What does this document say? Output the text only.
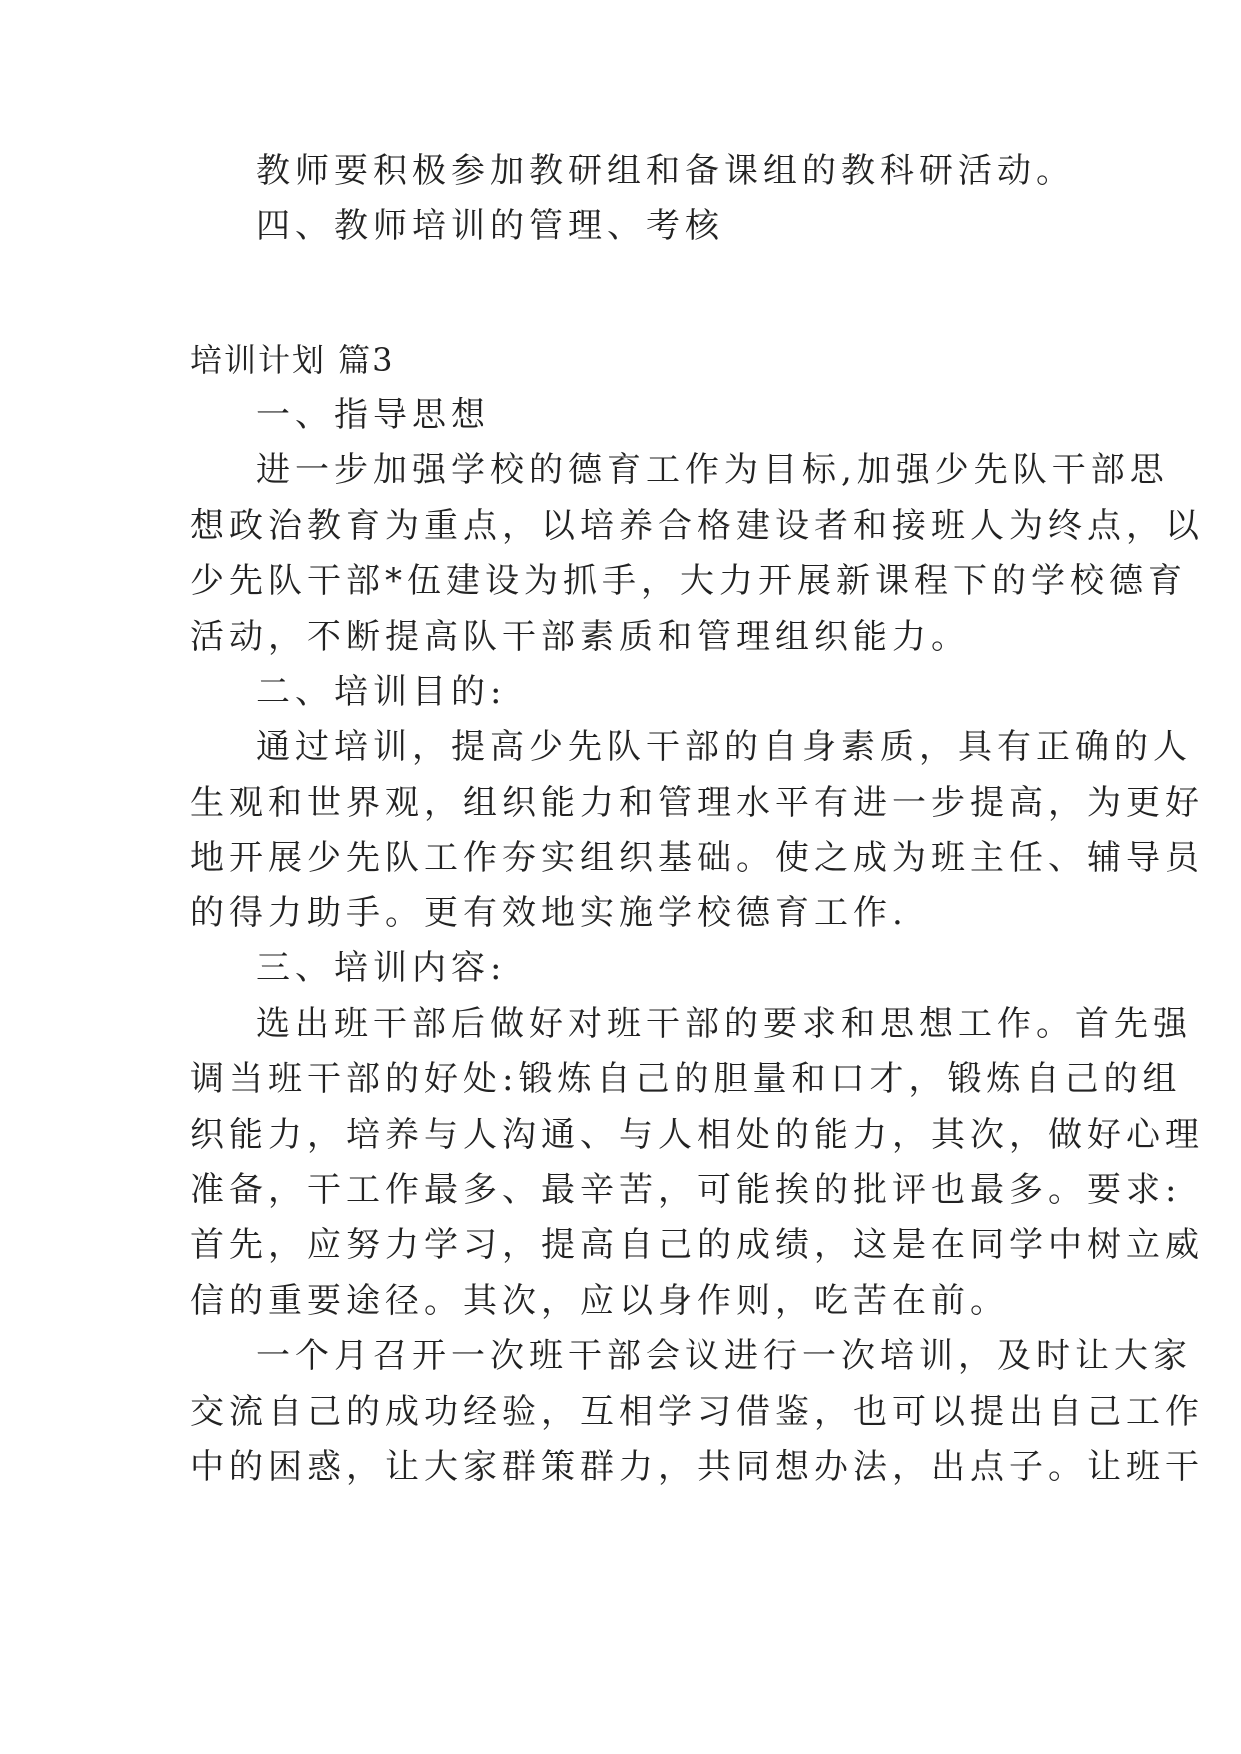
教师要积极参加教研组和备课组的教科研活动。

四、教师培训的管理、考核

培训计划 篇3

一、指导思想

进一步加强学校的德育工作为目标,加强少先队干部思

想政治教育为重点，以培养合格建设者和接班人为终点，以

少先队干部*伍建设为抓手，大力开展新课程下的学校德育

活动，不断提高队干部素质和管理组织能力。

二、培训目的:

通过培训，提高少先队干部的自身素质，具有正确的人

生观和世界观，组织能力和管理水平有进一步提高，为更好

地开展少先队工作夯实组织基础。使之成为班主任、辅导员

的得力助手。更有效地实施学校德育工作.

三、培训内容:

选出班干部后做好对班干部的要求和思想工作。首先强

调当班干部的好处:锻炼自己的胆量和口才，锻炼自己的组

织能力，培养与人沟通、与人相处的能力，其次，做好心理

准备，干工作最多、最辛苦，可能挨的批评也最多。要求:

首先，应努力学习，提高自己的成绩，这是在同学中树立威

信的重要途径。其次，应以身作则，吃苦在前。

一个月召开一次班干部会议进行一次培训，及时让大家

交流自己的成功经验，互相学习借鉴，也可以提出自己工作

中的困惑，让大家群策群力，共同想办法，出点子。让班干
